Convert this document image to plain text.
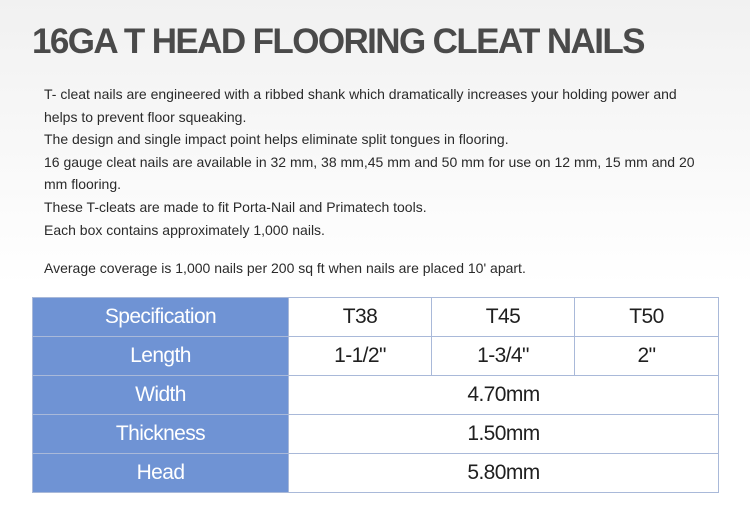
16GA T HEAD FLOORING CLEAT NAILS

T- cleat nails are engineered with a ribbed shank which dramatically increases your holding power and helps to prevent floor squeaking.

The design and single impact point helps eliminate split tongues in flooring.

16 gauge cleat nails are available in 32 mm, 38 mm,45 mm and 50 mm for use on 12 mm, 15 mm and 20 mm flooring.

These T-cleats are made to fit Porta-Nail and Primatech tools.

Each box contains approximately 1,000 nails.

Average coverage is 1,000 nails per 200 sq ft when nails are placed 10' apart.

Specification	T38	T45	T50
Length	1-1/2"	1-3/4"	2"
Width	4.70mm		
Thickness	1.50mm		
Head	5.80mm		
